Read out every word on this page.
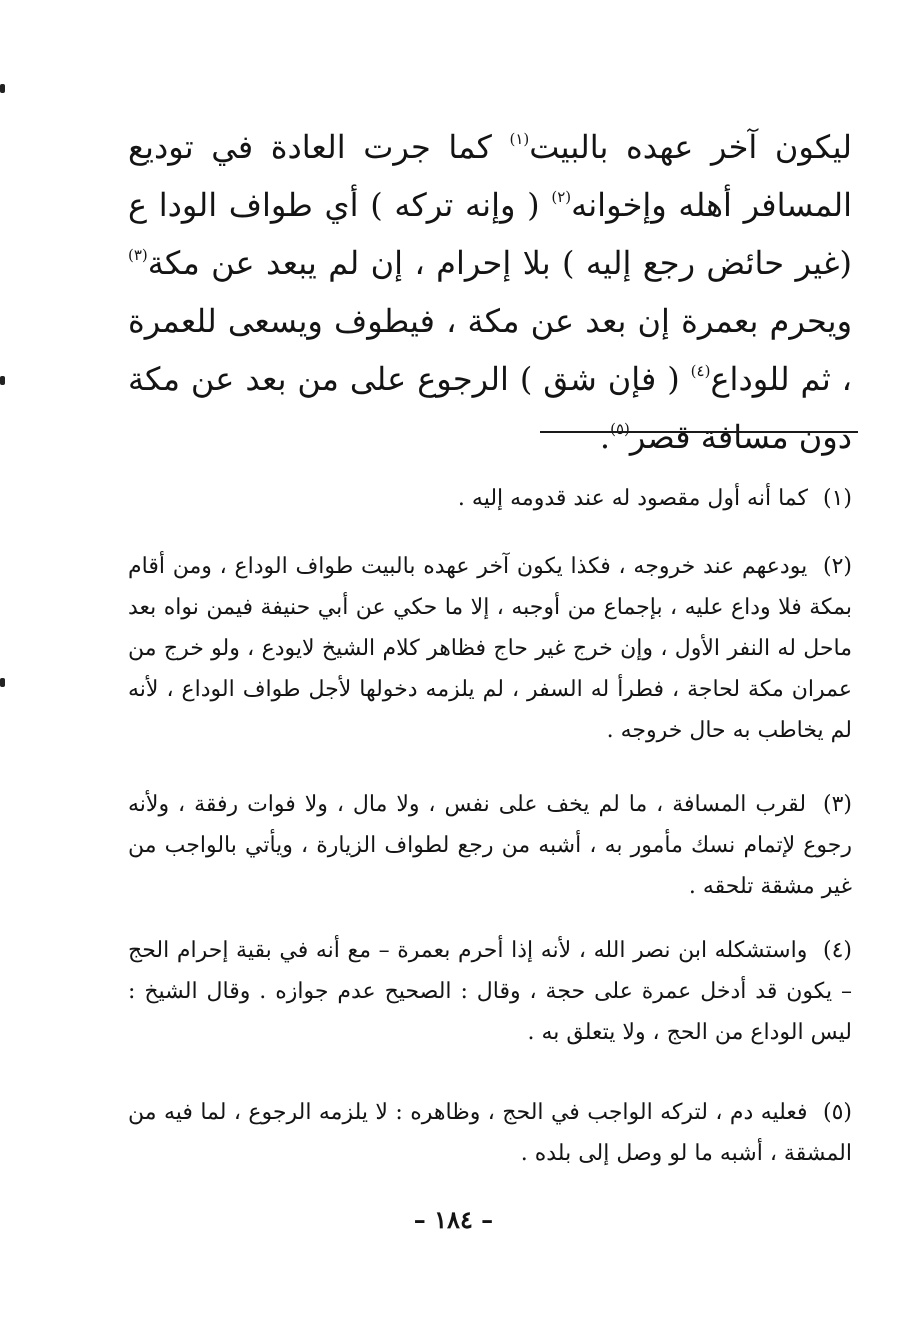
ليكون آخر عهده بالبيت$^{(١)}$ كما جرت العادة في توديع المسافر أهله وإخوانه$^{(٢)}$ ( وإنه تركه ) أي طواف الودا ع (غير حائض رجع إليه ) بلا إحرام ، إن لم يبعد عن مكة$^{(٣)}$ ويحرم بعمرة إن بعد عن مكة ، فيطوف ويسعى للعمرة ، ثم للوداع$^{(٤)}$ ( فإن شق ) الرجوع على من بعد عن مكة دون مسافة قصر$^{(٥)}$.
(١) كما أنه أول مقصود له عند قدومه إليه .
(٢) يودعهم عند خروجه ، فكذا يكون آخر عهده بالبيت طواف الوداع ، ومن أقام بمكة فلا وداع عليه ، بإجماع من أوجبه ، إلا ما حكي عن أبي حنيفة فيمن نواه بعد ماحل له النفر الأول ، وإن خرج غير حاج فظاهر كلام الشيخ لايودع ، ولو خرج من عمران مكة لحاجة ، فطرأ له السفر ، لم يلزمه دخولها لأجل طواف الوداع ، لأنه لم يخاطب به حال خروجه .
(٣) لقرب المسافة ، ما لم يخف على نفس ، ولا مال ، ولا فوات رفقة ، ولأنه رجوع لإتمام نسك مأمور به ، أشبه من رجع لطواف الزيارة ، ويأتي بالواجب من غير مشقة تلحقه .
(٤) واستشكله ابن نصر الله ، لأنه إذا أحرم بعمرة – مع أنه في بقية إحرام الحج – يكون قد أدخل عمرة على حجة ، وقال : الصحيح عدم جوازه . وقال الشيخ : ليس الوداع من الحج ، ولا يتعلق به .
(٥) فعليه دم ، لتركه الواجب في الحج ، وظاهره : لا يلزمه الرجوع ، لما فيه من المشقة ، أشبه ما لو وصل إلى بلده .
– ١٨٤ –
